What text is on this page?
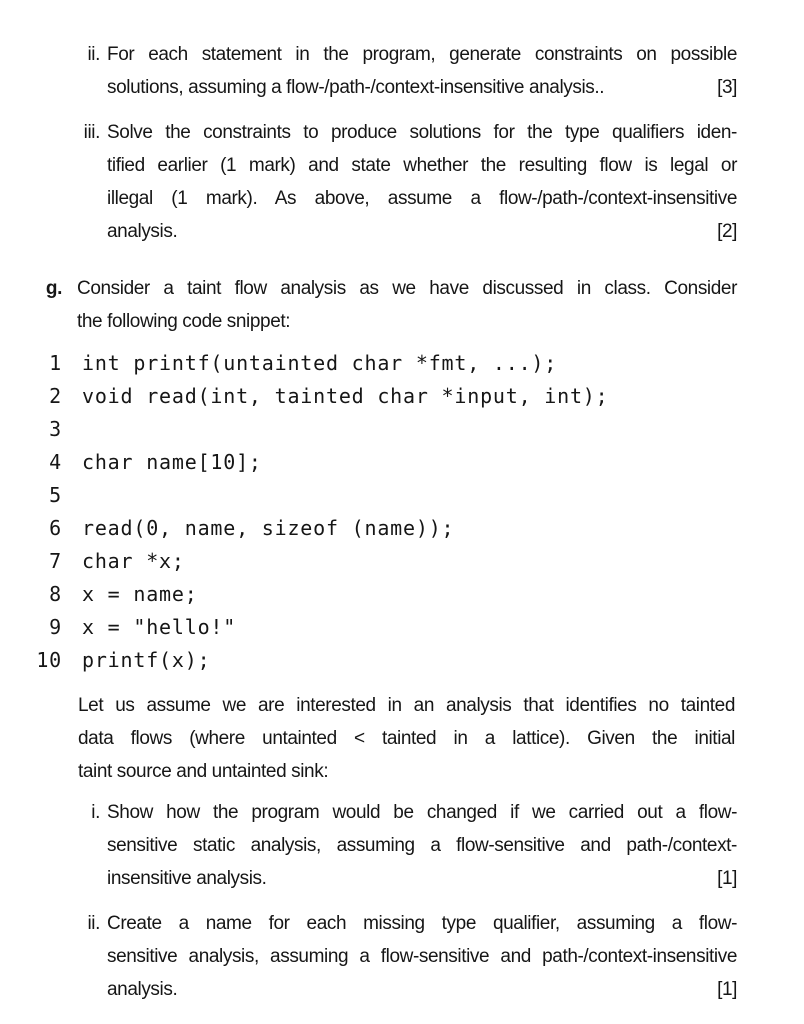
ii. For each statement in the program, generate constraints on possible
solutions, assuming a flow-/path-/context-insensitive analysis..	[3]
iii. Solve the constraints to produce solutions for the type qualifiers iden-
tified earlier (1 mark) and state whether the resulting flow is legal or
illegal (1 mark). As above, assume a flow-/path-/context-insensitive
analysis.	[2]
g. Consider a taint flow analysis as we have discussed in class. Consider
the following code snippet:
1 int printf(untainted char *fmt, ...);
2 void read(int, tainted char *input, int);
3
4 char name[10];
5
6 read(0, name, sizeof (name));
7 char *x;
8 x = name;
9 x = "hello!"
10 printf(x);
Let us assume we are interested in an analysis that identifies no tainted
data flows (where untainted < tainted in a lattice). Given the initial
taint source and untainted sink:
i. Show how the program would be changed if we carried out a flow-
sensitive static analysis, assuming a flow-sensitive and path-/context-
insensitive analysis.	[1]
ii. Create a name for each missing type qualifier, assuming a flow-
sensitive analysis, assuming a flow-sensitive and path-/context-insensitive
analysis.	[1]
